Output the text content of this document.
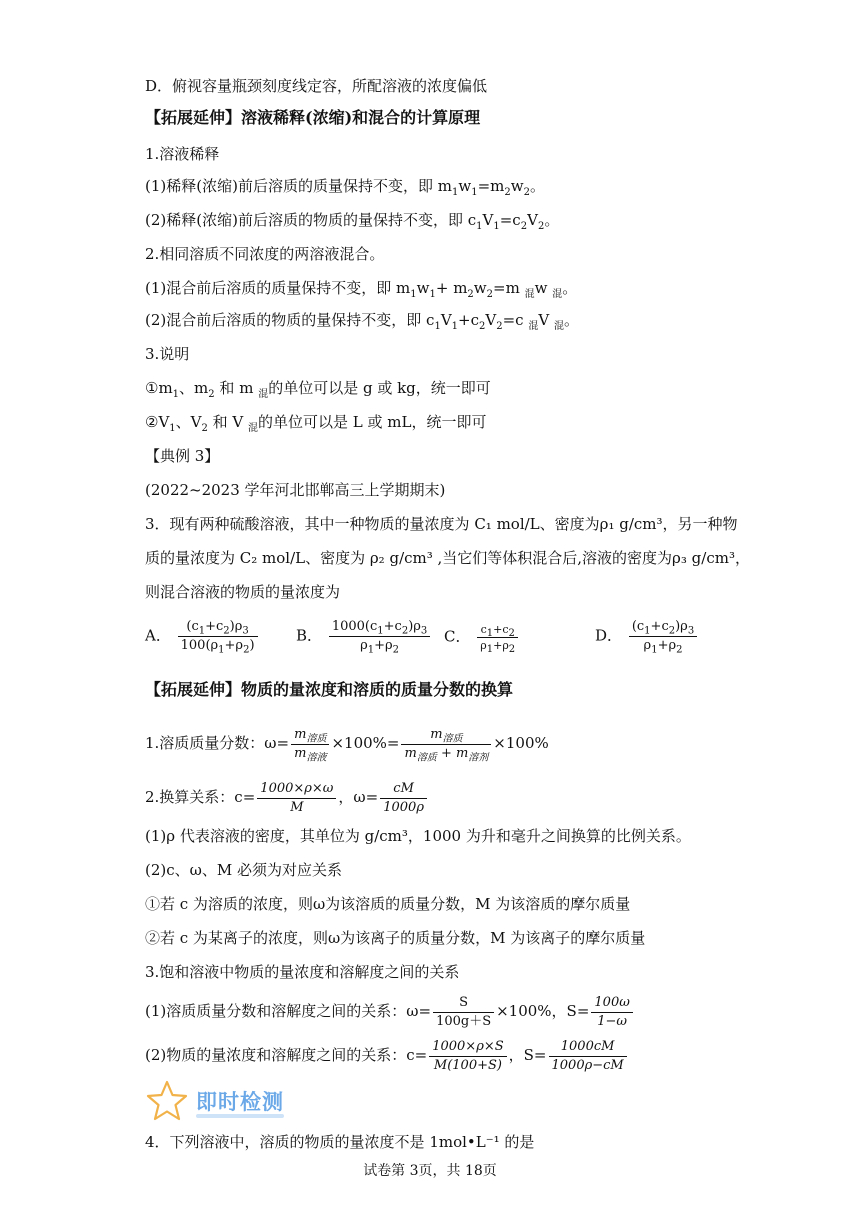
D．俯视容量瓶颈刻度线定容，所配溶液的浓度偏低
【拓展延伸】溶液稀释(浓缩)和混合的计算原理
1.溶液稀释
(1)稀释(浓缩)前后溶质的质量保持不变，即 $m_1w_1=m_2w_2$。
(2)稀释(浓缩)前后溶质的物质的量保持不变，即 $c_1V_1=c_2V_2$。
2.相同溶质不同浓度的两溶液混合。
(1)混合前后溶质的质量保持不变，即 $m_1w_1+ m_2w_2=m$ $_混$w $_混$。
(2)混合前后溶质的物质的量保持不变，即 $c_1V_1+c_2V_2=c$ $_混$V $_混$。
3.说明
$①m_1$、$m_2$ 和 m $_混$的单位可以是 g 或 kg，统一即可
$②V_1$、$V_2$ 和 V $_混$的单位可以是 L 或 mL，统一即可
【典例 3】
(2022~2023 学年河北邯郸高三上学期期末)
3．现有两种硫酸溶液，其中一种物质的量浓度为 C₁ mol/L、密度为ρ₁ g/cm³，另一种物
质的量浓度为 C₂ mol/L、密度为 ρ₂ g/cm³ ,当它们等体积混合后,溶液的密度为ρ₃ g/cm³，
则混合溶液的物质的量浓度为
A． $\frac{(c_1+c_2)\rho_3}{100(\rho_1+\rho_2)}$	B． $\frac{1000(c_1+c_2)\rho_3}{\rho_1+\rho_2}$ C． $\frac{c_1+c_2}{\rho_1+\rho_2}$	D． $\frac{(c_1+c_2)\rho_3}{\rho_1+\rho_2}$
【拓展延伸】物质的量浓度和溶质的质量分数的换算
1.溶质质量分数：$\omega= \frac{m_{溶质}}{m_{溶液}} \times 100\%= \frac{m_{溶质}}{m_{溶质} + m_{溶剂}} \times 100\%$
2.换算关系：$c= \frac{1000\times\rho\times\omega}{M}$ ，$\omega= \frac{cM}{1000\rho}$
(1)ρ 代表溶液的密度，其单位为 g/cm³，1000 为升和毫升之间换算的比例关系。
(2)c、ω、M 必须为对应关系
①若 c 为溶质的浓度，则ω为该溶质的质量分数，M 为该溶质的摩尔质量
②若 c 为某离子的浓度，则ω为该离子的质量分数，M 为该离子的摩尔质量
3.饱和溶液中物质的量浓度和溶解度之间的关系
(1)溶质质量分数和溶解度之间的关系：$\omega= \frac{S}{100g+S} \times 100\%$，$S= \frac{100\omega}{1-\omega}$
(2)物质的量浓度和溶解度之间的关系：$c= \frac{1000\times\rho\times S}{M(100+S)}$ ，$S= \frac{1000cM}{1000\rho-cM}$
即时检测
4．下列溶液中，溶质的物质的量浓度不是 1mol•L⁻¹ 的是
试卷第 3页，共 18页
